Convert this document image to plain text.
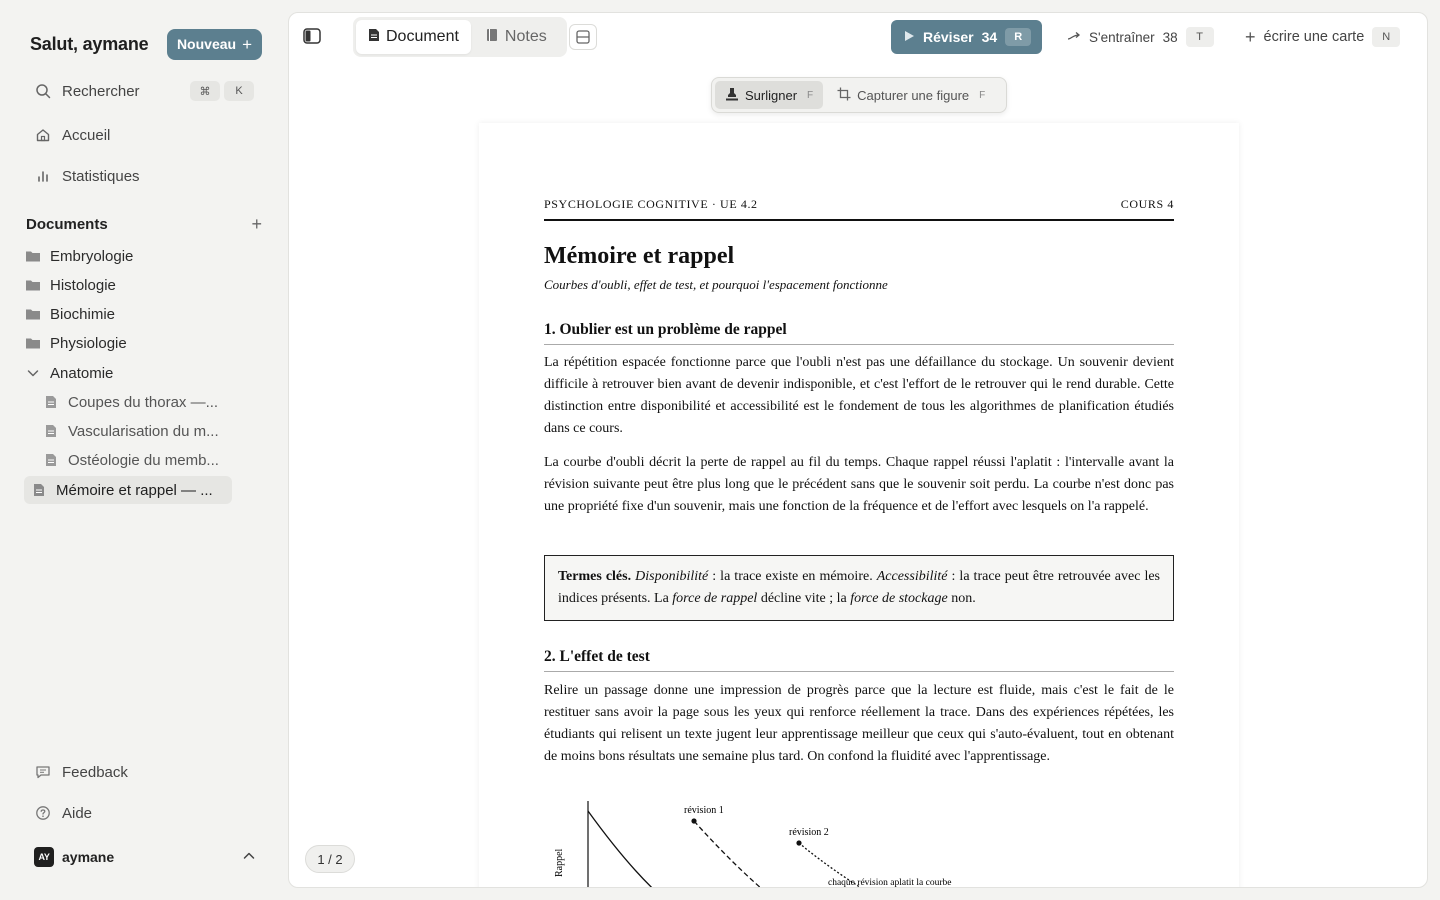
Salut, aymane Nouveau +
Rechercher	⌘	K
Accueil
Statistiques
Documents	+
Embryologie
Histologie
Biochimie
Physiologie
Anatomie
Coupes du thorax —...
Vascularisation du m...
Ostéologie du memb...
Mémoire et rappel — ...
Feedback
Aide
AY aymane
Document	Notes	Réviser 34	R	S'entraîner 38	T	+ écrire une carte	N
Surligner F	Capturer une figure F
PSYCHOLOGIE COGNITIVE · UE 4.2	COURS 4
Mémoire et rappel
Courbes d'oubli, effet de test, et pourquoi l'espacement fonctionne
1. Oublier est un problème de rappel

La répétition espacée fonctionne parce que l'oubli n'est pas une défaillance du stockage. Un souvenir devient difficile à retrouver bien avant de devenir indisponible, et c'est l'effort de le retrouver qui le rend durable. Cette distinction entre disponibilité et accessibilité est le fondement de tous les algorithmes de planification étudiés dans ce cours.

La courbe d'oubli décrit la perte de rappel au fil du temps. Chaque rappel réussi l'aplatit : l'intervalle avant la révision suivante peut être plus long que le précédent sans que le souvenir soit perdu. La courbe n'est donc pas une propriété fixe d'un souvenir, mais une fonction de la fréquence et de l'effort avec lesquels on l'a rappelé.

Termes clés. Disponibilité : la trace existe en mémoire. Accessibilité : la trace peut être retrouvée avec les indices présents. La force de rappel décline vite ; la force de stockage non.
2. L'effet de test

Relire un passage donne une impression de progrès parce que la lecture est fluide, mais c'est le fait de le restituer sans avoir la page sous les yeux qui renforce réellement la trace. Dans des expériences répétées, les étudiants qui relisent un texte jugent leur apprentissage meilleur que ceux qui s'auto-évaluent, tout en obtenant de moins bons résultats une semaine plus tard. On confond la fluidité avec l'apprentissage.

Rappel
révision 1
révision 2
chaque révision aplatit la courbe
1 / 2
